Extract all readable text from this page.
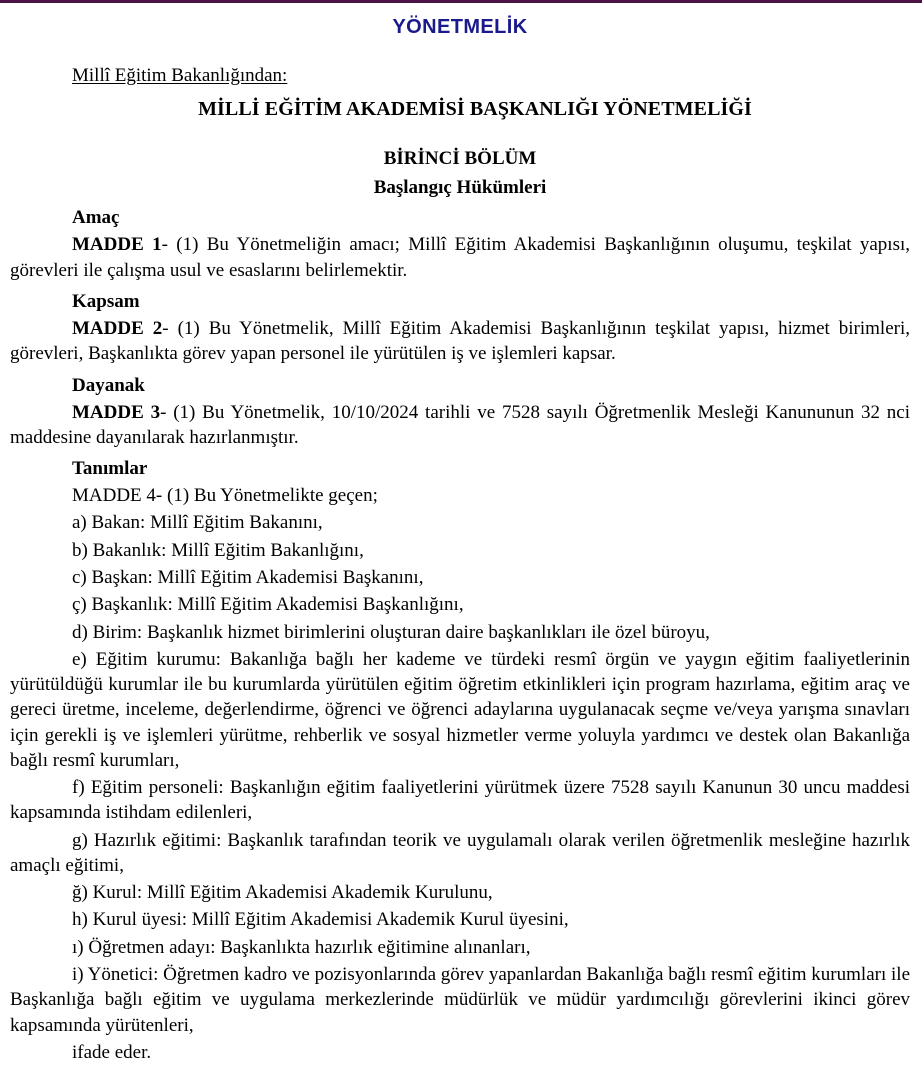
YÖNETMELİK
Millî Eğitim Bakanlığından:
MİLLİ EĞİTİM AKADEMİSİ BAŞKANLIĞI YÖNETMELİĞİ
BİRİNCİ BÖLÜM
Başlangıç Hükümleri
Amaç

MADDE 1- (1) Bu Yönetmeliğin amacı; Millî Eğitim Akademisi Başkanlığının oluşumu, teşkilat yapısı, görevleri ile çalışma usul ve esaslarını belirlemektir.

Kapsam

MADDE 2- (1) Bu Yönetmelik, Millî Eğitim Akademisi Başkanlığının teşkilat yapısı, hizmet birimleri, görevleri, Başkanlıkta görev yapan personel ile yürütülen iş ve işlemleri kapsar.

Dayanak

MADDE 3- (1) Bu Yönetmelik, 10/10/2024 tarihli ve 7528 sayılı Öğretmenlik Mesleği Kanununun 32 nci maddesine dayanılarak hazırlanmıştır.

Tanımlar

MADDE 4- (1) Bu Yönetmelikte geçen;

a) Bakan: Millî Eğitim Bakanını,

b) Bakanlık: Millî Eğitim Bakanlığını,

c) Başkan: Millî Eğitim Akademisi Başkanını,

ç) Başkanlık: Millî Eğitim Akademisi Başkanlığını,

d) Birim: Başkanlık hizmet birimlerini oluşturan daire başkanlıkları ile özel büroyu,

e) Eğitim kurumu: Bakanlığa bağlı her kademe ve türdeki resmî örgün ve yaygın eğitim faaliyetlerinin yürütüldüğü kurumlar ile bu kurumlarda yürütülen eğitim öğretim etkinlikleri için program hazırlama, eğitim araç ve gereci üretme, inceleme, değerlendirme, öğrenci ve öğrenci adaylarına uygulanacak seçme ve/veya yarışma sınavları için gerekli iş ve işlemleri yürütme, rehberlik ve sosyal hizmetler verme yoluyla yardımcı ve destek olan Bakanlığa bağlı resmî kurumları,

f) Eğitim personeli: Başkanlığın eğitim faaliyetlerini yürütmek üzere 7528 sayılı Kanunun 30 uncu maddesi kapsamında istihdam edilenleri,

g) Hazırlık eğitimi: Başkanlık tarafından teorik ve uygulamalı olarak verilen öğretmenlik mesleğine hazırlık amaçlı eğitimi,

ğ) Kurul: Millî Eğitim Akademisi Akademik Kurulunu,

h) Kurul üyesi: Millî Eğitim Akademisi Akademik Kurul üyesini,

ı) Öğretmen adayı: Başkanlıkta hazırlık eğitimine alınanları,

i) Yönetici: Öğretmen kadro ve pozisyonlarında görev yapanlardan Bakanlığa bağlı resmî eğitim kurumları ile Başkanlığa bağlı eğitim ve uygulama merkezlerinde müdürlük ve müdür yardımcılığı görevlerini ikinci görev kapsamında yürütenleri,

ifade eder.
